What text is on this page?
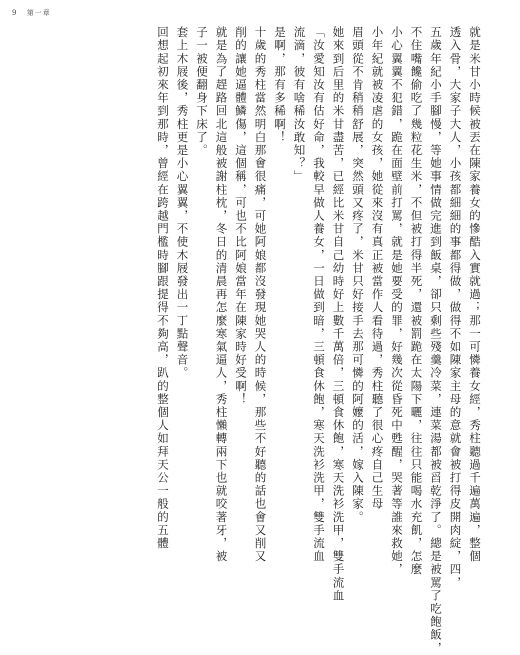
9 第一章
就是米甘小時候被丟在陳家養女的慘酷入實就過；那一可憐養女經，秀柱聽過千遍萬遍，整個
透入骨，大家子大人，小孩都細細的事都得做，做得不如陳家主母的意就會被打得皮開肉綻，四，
五歲年紀小手腳慢，等她事情做完進到飯桌，卻只剩些殘羹冷菜，連菜湯都被舀乾淨了。總是被罵了吃飽飯，
不住嘴饞偷吃了幾粒花生米，不但被打得半死，還被罰跪在太陽下曬，往往只能喝水充飢，怎麼
小心翼翼不犯錯，跪在面壁前打罵，就是她要受的罪，好幾次從昏死中甦醒，哭著等誰來救她，
小年紀就被凌虐的女孩，她從來沒有真正被當作人看待過，秀柱聽了很心疼自己生母
眉頭從不肯稍稍舒展，突然頭又疼了，米甘只好接手去那可憐的阿嬤的活，嫁入陳家。
她來到后里的米甘盡苦，已經比米甘自己幼時好上數千萬倍，三頓食休飽，寒天洗衫洗甲，雙手流血
「汝愛知汝有估好命，我較早做人養女，一日做到暗，三頓食休飽，寒天洗衫洗甲，雙手流血
流滴，彼有啥稀汝敢知？」
是啊，那有多稀啊！
十歲的秀柱當然明白那會很痛，可她阿娘都沒發現她哭人的時候，那些不好聽的話也會又削又
削的讓她逼體鱗傷，這個稱，可也不比阿娘當年在陳家時好受啊！
就是為了趕路回北這般被謝柱枕，冬日的清晨再怎麼寒氣逼人，秀柱懶轉兩下也就咬著牙，被
子一被便翻身下床了。
套上木屐後，秀柱更是小心翼翼，不使木屐發出一丁點聲音。
回想起初來年到那時，曾經在跨越門檻時腳跟提得不夠高，趴的整個人如拜天公一般的五體
